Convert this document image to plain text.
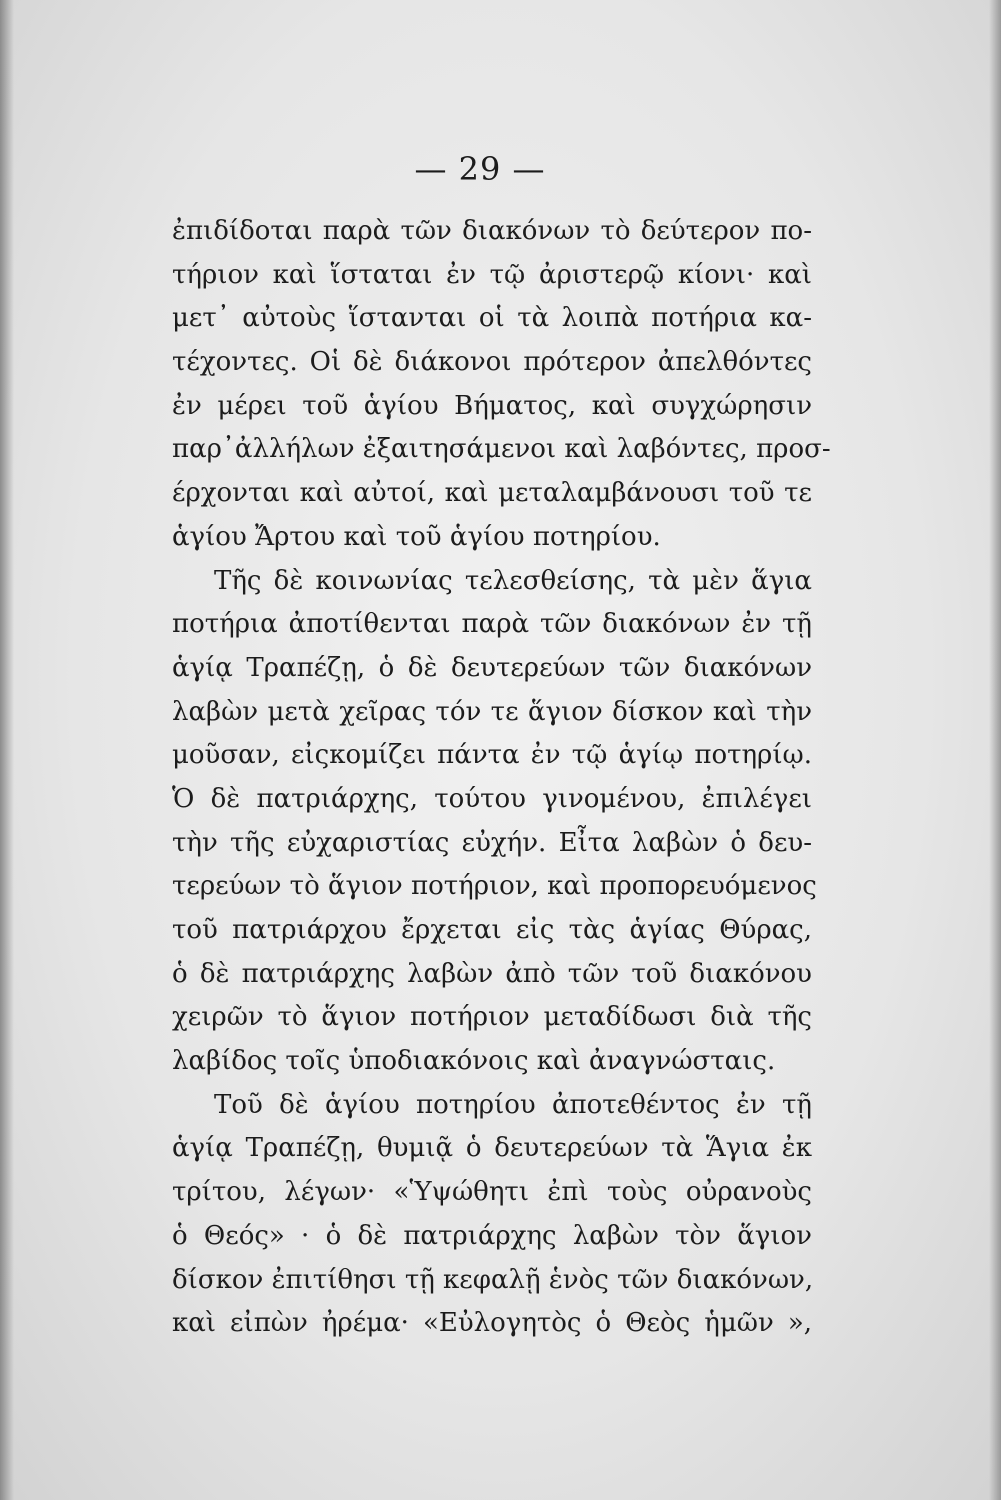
— 29 —
ἐπιδίδοται παρὰ τῶν διακόνων τὸ δεύτερον πο-
τήριον καὶ ἵσταται ἐν τῷ ἀριστερῷ κίονι· καὶ
μετ᾽ αὐτοὺς ἵστανται οἱ τὰ λοιπὰ ποτήρια κα-
τέχοντες. Οἱ δὲ διάκονοι πρότερον ἀπελθόντες
ἐν μέρει τοῦ ἁγίου Βήματος, καὶ συγχώρησιν
παρ᾽ἀλλήλων ἐξαιτησάμενοι καὶ λαβόντες, προσ-
έρχονται καὶ αὐτοί, καὶ μεταλαμβάνουσι τοῦ τε
ἁγίου Ἄρτου καὶ τοῦ ἁγίου ποτηρίου.
Τῆς δὲ κοινωνίας τελεσθείσης, τὰ μὲν ἅγια
ποτήρια ἀποτίθενται παρὰ τῶν διακόνων ἐν τῇ
ἁγίᾳ Τραπέζῃ, ὁ δὲ δευτερεύων τῶν διακόνων
λαβὼν μετὰ χεῖρας τόν τε ἅγιον δίσκον καὶ τὴν
μοῦσαν, εἰςκομίζει πάντα ἐν τῷ ἁγίῳ ποτηρίῳ.
Ὁ δὲ πατριάρχης, τούτου γινομένου, ἐπιλέγει
τὴν τῆς εὐχαριστίας εὐχήν. Εἶτα λαβὼν ὁ δευ-
τερεύων τὸ ἅγιον ποτήριον, καὶ προπορευόμενος
τοῦ πατριάρχου ἔρχεται εἰς τὰς ἁγίας Θύρας,
ὁ δὲ πατριάρχης λαβὼν ἀπὸ τῶν τοῦ διακόνου
χειρῶν τὸ ἅγιον ποτήριον μεταδίδωσι διὰ τῆς
λαβίδος τοῖς ὑποδιακόνοις καὶ ἀναγνώσταις.
Τοῦ δὲ ἁγίου ποτηρίου ἀποτεθέντος ἐν τῇ
ἁγίᾳ Τραπέζῃ, θυμιᾷ ὁ δευτερεύων τὰ Ἅγια ἐκ
τρίτου, λέγων· «Ὑψώθητι ἐπὶ τοὺς οὐρανοὺς
ὁ Θεός» · ὁ δὲ πατριάρχης λαβὼν τὸν ἅγιον
δίσκον ἐπιτίθησι τῇ κεφαλῇ ἑνὸς τῶν διακόνων,
καὶ εἰπὼν ἠρέμα· «Εὐλογητὸς ὁ Θεὸς ἡμῶν »,
